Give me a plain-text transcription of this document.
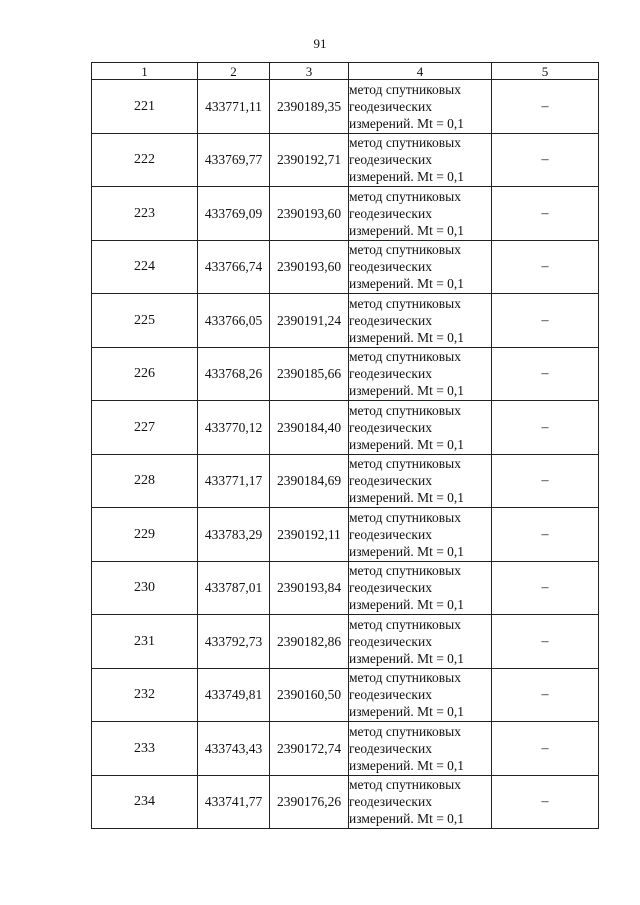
91
1	2	3	4	5
221	433771,11	2390189,35	метод спутниковых
геодезических
измерений. Mt = 0,1	–
222	433769,77	2390192,71	метод спутниковых
геодезических
измерений. Mt = 0,1	–
223	433769,09	2390193,60	метод спутниковых
геодезических
измерений. Mt = 0,1	–
224	433766,74	2390193,60	метод спутниковых
геодезических
измерений. Mt = 0,1	–
225	433766,05	2390191,24	метод спутниковых
геодезических
измерений. Mt = 0,1	–
226	433768,26	2390185,66	метод спутниковых
геодезических
измерений. Mt = 0,1	–
227	433770,12	2390184,40	метод спутниковых
геодезических
измерений. Mt = 0,1	–
228	433771,17	2390184,69	метод спутниковых
геодезических
измерений. Mt = 0,1	–
229	433783,29	2390192,11	метод спутниковых
геодезических
измерений. Mt = 0,1	–
230	433787,01	2390193,84	метод спутниковых
геодезических
измерений. Mt = 0,1	–
231	433792,73	2390182,86	метод спутниковых
геодезических
измерений. Mt = 0,1	–
232	433749,81	2390160,50	метод спутниковых
геодезических
измерений. Mt = 0,1	–
233	433743,43	2390172,74	метод спутниковых
геодезических
измерений. Mt = 0,1	–
234	433741,77	2390176,26	метод спутниковых
геодезических
измерений. Mt = 0,1	–
